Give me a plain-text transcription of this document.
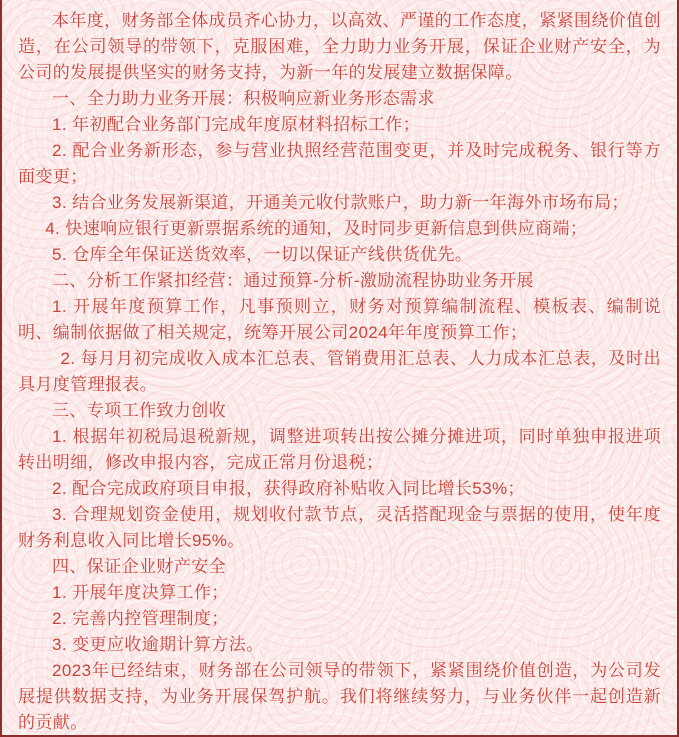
本年度，财务部全体成员齐心协力，以高效、严谨的工作态度，紧紧围绕价值创造，在公司领导的带领下，克服困难，全力助力业务开展，保证企业财产安全，为公司的发展提供坚实的财务支持，为新一年的发展建立数据保障。

一、全力助力业务开展：积极响应新业务形态需求

1. 年初配合业务部门完成年度原材料招标工作；

2. 配合业务新形态，参与营业执照经营范围变更，并及时完成税务、银行等方面变更；

3. 结合业务发展新渠道，开通美元收付款账户，助力新一年海外市场布局；

4. 快速响应银行更新票据系统的通知，及时同步更新信息到供应商端；

5. 仓库全年保证送货效率，一切以保证产线供货优先。

二、分析工作紧扣经营：通过预算-分析-激励流程协助业务开展

1. 开展年度预算工作，凡事预则立，财务对预算编制流程、模板表、编制说明、编制依据做了相关规定，统筹开展公司2024年年度预算工作；

2. 每月月初完成收入成本汇总表、管销费用汇总表、人力成本汇总表，及时出具月度管理报表。

三、专项工作致力创收

1. 根据年初税局退税新规，调整进项转出按公摊分摊进项，同时单独申报进项转出明细，修改申报内容，完成正常月份退税；

2. 配合完成政府项目申报，获得政府补贴收入同比增长53%；

3. 合理规划资金使用，规划收付款节点，灵活搭配现金与票据的使用，使年度财务利息收入同比增长95%。

四、保证企业财产安全

1. 开展年度决算工作；

2. 完善内控管理制度；

3. 变更应收逾期计算方法。

2023年已经结束，财务部在公司领导的带领下，紧紧围绕价值创造，为公司发展提供数据支持，为业务开展保驾护航。我们将继续努力，与业务伙伴一起创造新的贡献。
